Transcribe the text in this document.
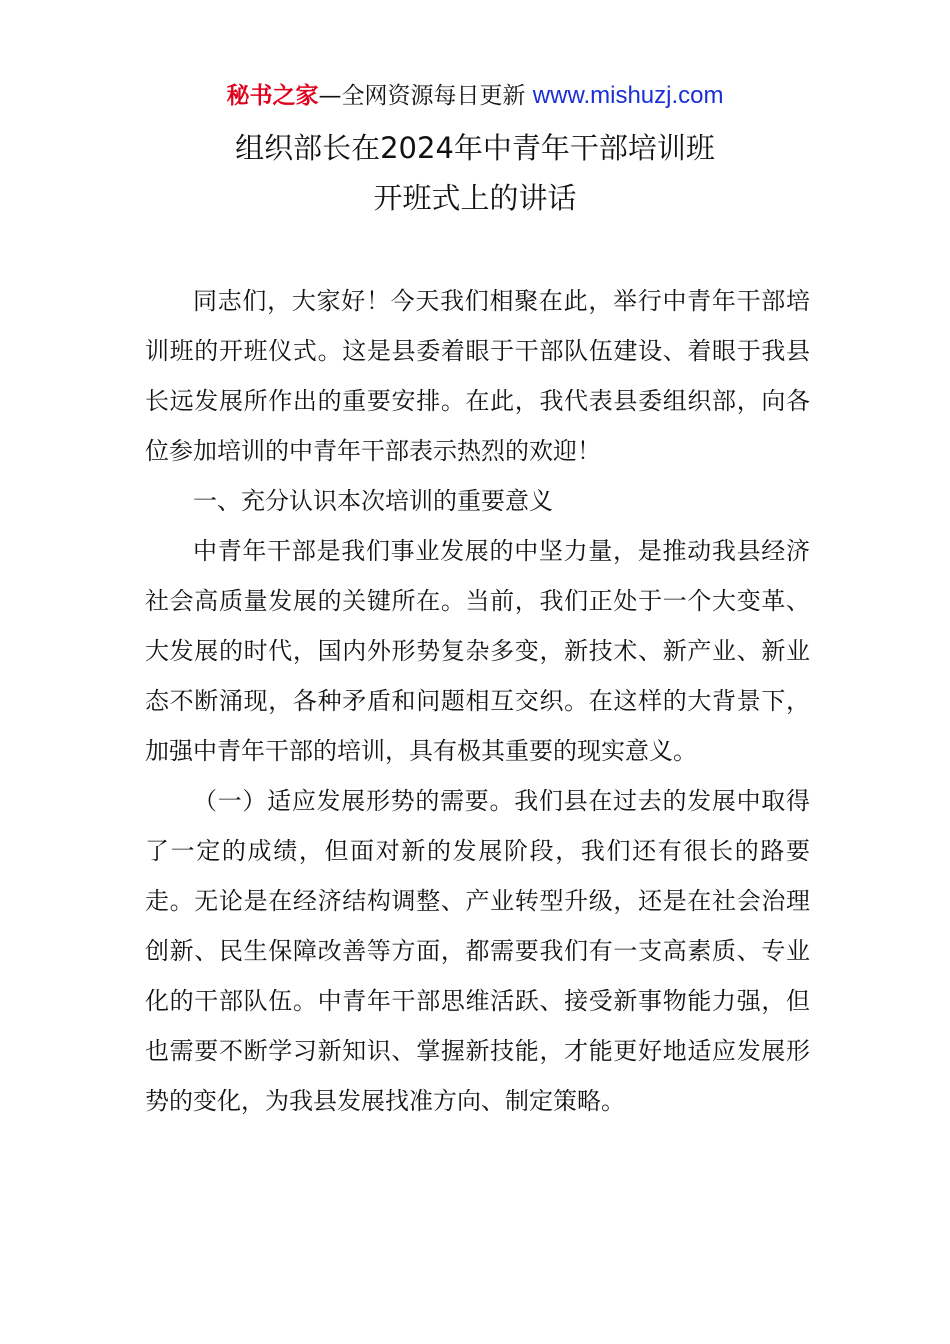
秘书之家—全网资源每日更新 www.mishuzj.com
组织部长在2024年中青年干部培训班
开班式上的讲话

同志们，大家好！今天我们相聚在此，举行中青年干部培训班的开班仪式。这是县委着眼于干部队伍建设、着眼于我县长远发展所作出的重要安排。在此，我代表县委组织部，向各位参加培训的中青年干部表示热烈的欢迎！

一、充分认识本次培训的重要意义

中青年干部是我们事业发展的中坚力量，是推动我县经济社会高质量发展的关键所在。当前，我们正处于一个大变革、大发展的时代，国内外形势复杂多变，新技术、新产业、新业态不断涌现，各种矛盾和问题相互交织。在这样的大背景下，加强中青年干部的培训，具有极其重要的现实意义。

（一）适应发展形势的需要。我们县在过去的发展中取得了一定的成绩，但面对新的发展阶段，我们还有很长的路要走。无论是在经济结构调整、产业转型升级，还是在社会治理创新、民生保障改善等方面，都需要我们有一支高素质、专业化的干部队伍。中青年干部思维活跃、接受新事物能力强，但也需要不断学习新知识、掌握新技能，才能更好地适应发展形势的变化，为我县发展找准方向、制定策略。
